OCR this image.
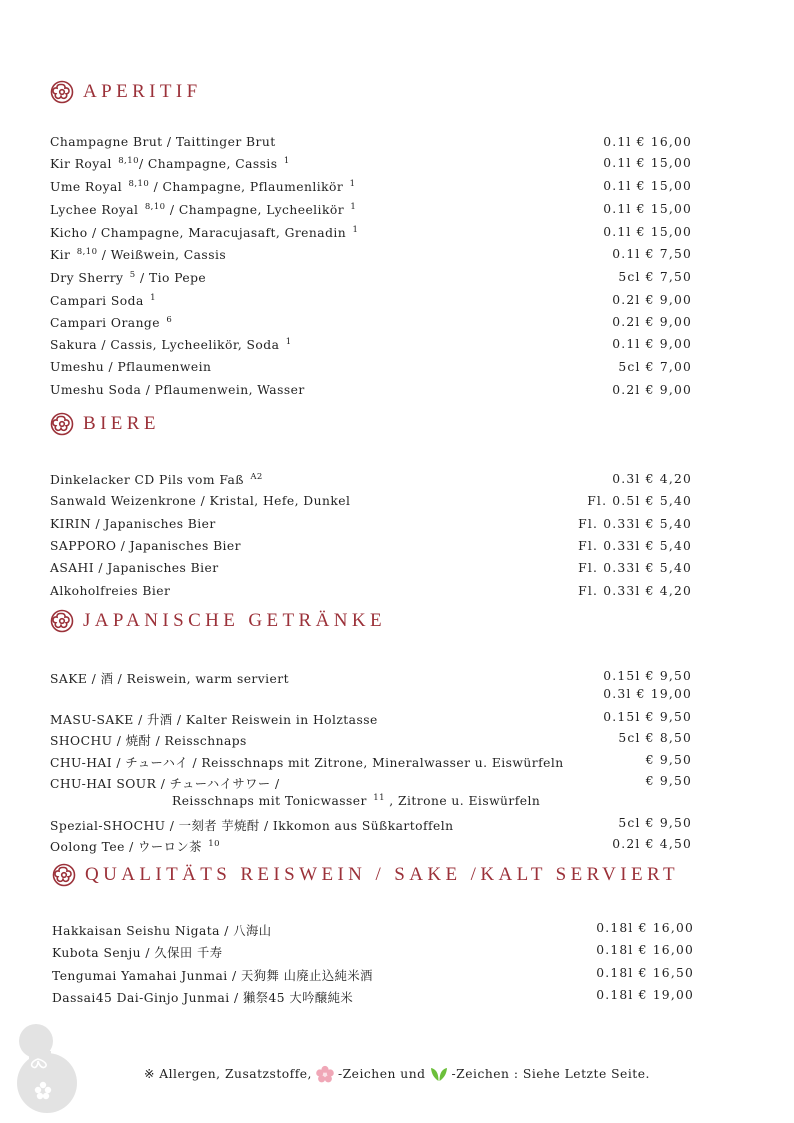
APERITIF
Champagne Brut / Taittinger Brut	0.1l € 16,00
Kir Royal $^{8,10}$/ Champagne, Cassis $^1$	0.1l € 15,00
Ume Royal $^{8,10}$ / Champagne, Pflaumenlikör $^1$	0.1l € 15,00
Lychee Royal $^{8,10}$ / Champagne, Lycheelikör $^1$	0.1l € 15,00
Kicho / Champagne, Maracujasaft, Grenadin $^1$	0.1l € 15,00
Kir $^{8,10}$ / Weißwein, Cassis	0.1l € 7,50
Dry Sherry $^5$ / Tio Pepe	5cl € 7,50
Campari Soda $^1$	0.2l € 9,00
Campari Orange $^6$	0.2l € 9,00
Sakura / Cassis, Lycheelikör, Soda $^1$	0.1l € 9,00
Umeshu / Pflaumenwein	5cl € 7,00
Umeshu Soda / Pflaumenwein, Wasser	0.2l € 9,00
BIERE
Dinkelacker CD Pils vom Faß $^{A2}$	0.3l € 4,20
Sanwald Weizenkrone / Kristal, Hefe, Dunkel	Fl. 0.5l € 5,40
KIRIN / Japanisches Bier	Fl. 0.33l € 5,40
SAPPORO / Japanisches Bier	Fl. 0.33l € 5,40
ASAHI / Japanisches Bier	Fl. 0.33l € 5,40
Alkoholfreies Bier	Fl. 0.33l € 4,20
JAPANISCHE GETRÄNKE
SAKE / 酒 / Reiswein, warm serviert	0.15l € 9,50
0.3l € 19,00
MASU-SAKE / 升酒 / Kalter Reiswein in Holztasse	0.15l € 9,50
SHOCHU / 焼酎 / Reisschnaps	5cl € 8,50
CHU-HAI / チューハイ / Reisschnaps mit Zitrone, Mineralwasser u. Eiswürfeln	€ 9,50
CHU-HAI SOUR / チューハイサワー /	€ 9,50
Reisschnaps mit Tonicwasser $^{11}$ , Zitrone u. Eiswürfeln
Spezial-SHOCHU / 一刻者 芋焼酎 / Ikkomon aus Süßkartoffeln	5cl € 9,50
Oolong Tee / ウーロン茶 $^{10}$	0.2l € 4,50
QUALITÄTS REISWEIN / SAKE /KALT SERVIERT
Hakkaisan Seishu Nigata / 八海山	0.18l € 16,00
Kubota Senju / 久保田 千寿	0.18l € 16,00
Tengumai Yamahai Junmai / 天狗舞 山廃止込純米酒	0.18l € 16,50
Dassai45 Dai-Ginjo Junmai / 獺祭45 大吟醸純米	0.18l € 19,00
※ Allergen, Zusatzstoffe, -Zeichen und -Zeichen : Siehe Letzte Seite.
